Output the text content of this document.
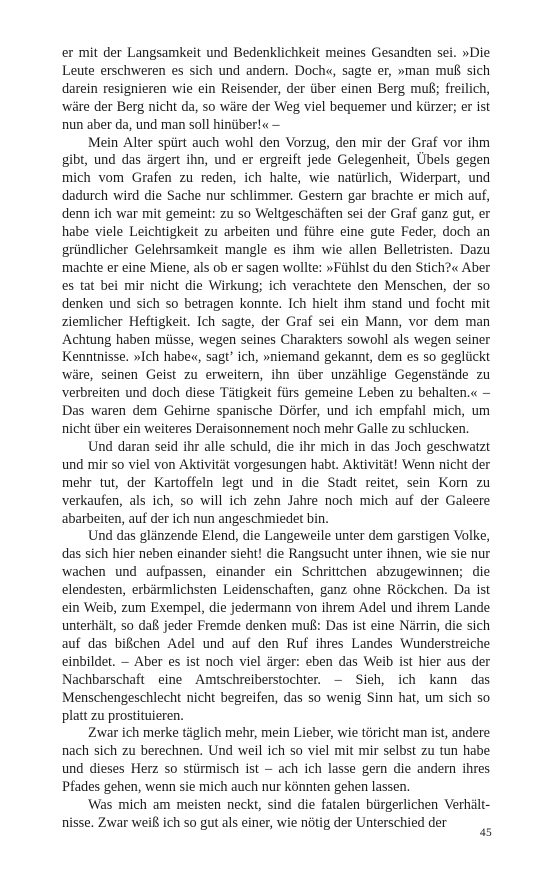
er mit der Langsamkeit und Bedenklichkeit meines Gesandten sei. »Die Leute erschweren es sich und andern. Doch«, sagte er, »man muß sich darein resignieren wie ein Reisender, der über einen Berg muß; freilich, wäre der Berg nicht da, so wäre der Weg viel bequemer und kürzer; er ist nun aber da, und man soll hinüber!« –

Mein Alter spürt auch wohl den Vorzug, den mir der Graf vor ihm gibt, und das ärgert ihn, und er ergreift jede Gelegenheit, Übels gegen mich vom Grafen zu reden, ich halte, wie natürlich, Widerpart, und dadurch wird die Sache nur schlimmer. Gestern gar brachte er mich auf, denn ich war mit gemeint: zu so Weltgeschäften sei der Graf ganz gut, er habe viele Leichtigkeit zu arbeiten und führe eine gute Feder, doch an gründlicher Gelehrsamkeit mangle es ihm wie allen Belletristen. Dazu machte er eine Miene, als ob er sagen wollte: »Fühlst du den Stich?« Aber es tat bei mir nicht die Wirkung; ich verachtete den Menschen, der so denken und sich so betragen konnte. Ich hielt ihm stand und focht mit ziemlicher Heftigkeit. Ich sagte, der Graf sei ein Mann, vor dem man Achtung haben müsse, wegen seines Charakters sowohl als wegen seiner Kenntnisse. »Ich habe«, sagt’ ich, »niemand gekannt, dem es so geglückt wäre, seinen Geist zu erweitern, ihn über unzählige Gegenstände zu verbreiten und doch diese Tätigkeit fürs gemeine Leben zu behalten.« – Das waren dem Gehirne spanische Dörfer, und ich empfahl mich, um nicht über ein weiteres Deraisonnement noch mehr Galle zu schlucken.

Und daran seid ihr alle schuld, die ihr mich in das Joch geschwatzt und mir so viel von Aktivität vorgesungen habt. Aktivität! Wenn nicht der mehr tut, der Kartoffeln legt und in die Stadt reitet, sein Korn zu verkaufen, als ich, so will ich zehn Jahre noch mich auf der Galeere abarbeiten, auf der ich nun angeschmiedet bin.

Und das glänzende Elend, die Langeweile unter dem garstigen Volke, das sich hier neben einander sieht! die Rangsucht unter ihnen, wie sie nur wachen und aufpassen, einander ein Schrittchen abzugewinnen; die elendesten, erbärmlichsten Leidenschaften, ganz ohne Röckchen. Da ist ein Weib, zum Exempel, die jedermann von ihrem Adel und ihrem Lande unterhält, so daß jeder Fremde denken muß: Das ist eine Närrin, die sich auf das bißchen Adel und auf den Ruf ihres Landes Wunderstreiche einbildet. – Aber es ist noch viel ärger: eben das Weib ist hier aus der Nachbarschaft eine Amtschreiberstochter. – Sieh, ich kann das Menschengeschlecht nicht begreifen, das so wenig Sinn hat, um sich so platt zu prostituieren.

Zwar ich merke täglich mehr, mein Lieber, wie töricht man ist, andere nach sich zu berechnen. Und weil ich so viel mit mir selbst zu tun habe und dieses Herz so stürmisch ist – ach ich lasse gern die andern ihres Pfades gehen, wenn sie mich auch nur könnten gehen lassen.

Was mich am meisten neckt, sind die fatalen bürgerlichen Verhältnisse. Zwar weiß ich so gut als einer, wie nötig der Unterschied der

45
